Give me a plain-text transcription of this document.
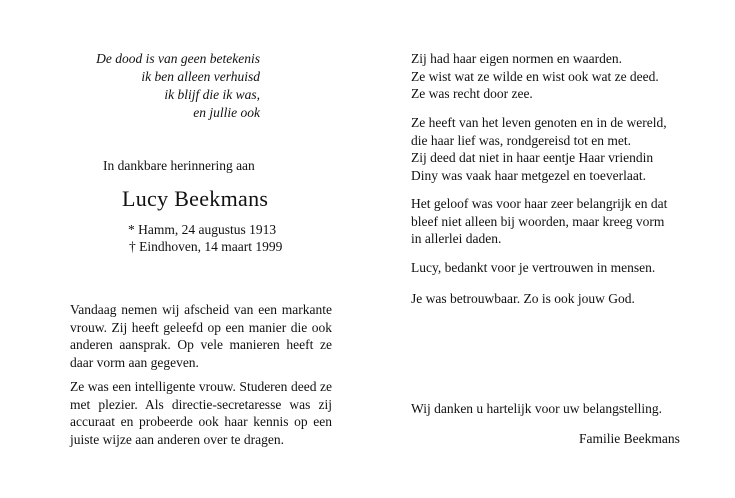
De dood is van geen betekenis
ik ben alleen verhuisd
ik blijf die ik was,
en jullie ook
In dankbare herinnering aan
Lucy Beekmans
* Hamm, 24 augustus 1913
† Eindhoven, 14 maart 1999
Vandaag nemen wij afscheid van een markante vrouw. Zij heeft geleefd op een manier die ook anderen aansprak. Op vele manieren heeft ze daar vorm aan gegeven.
Ze was een intelligente vrouw. Studeren deed ze met plezier. Als directie-secretaresse was zij accuraat en probeerde ook haar kennis op een juiste wijze aan anderen over te dragen.
Zij had haar eigen normen en waarden.
Ze wist wat ze wilde en wist ook wat ze deed.
Ze was recht door zee.
Ze heeft van het leven genoten en in de wereld,
die haar lief was, rondgereisd tot en met.
Zij deed dat niet in haar eentje Haar vriendin
Diny was vaak haar metgezel en toeverlaat.
Het geloof was voor haar zeer belangrijk en dat
bleef niet alleen bij woorden, maar kreeg vorm
in allerlei daden.
Lucy, bedankt voor je vertrouwen in mensen.
Je was betrouwbaar. Zo is ook jouw God.
Wij danken u hartelijk voor uw belangstelling.
Familie Beekmans
